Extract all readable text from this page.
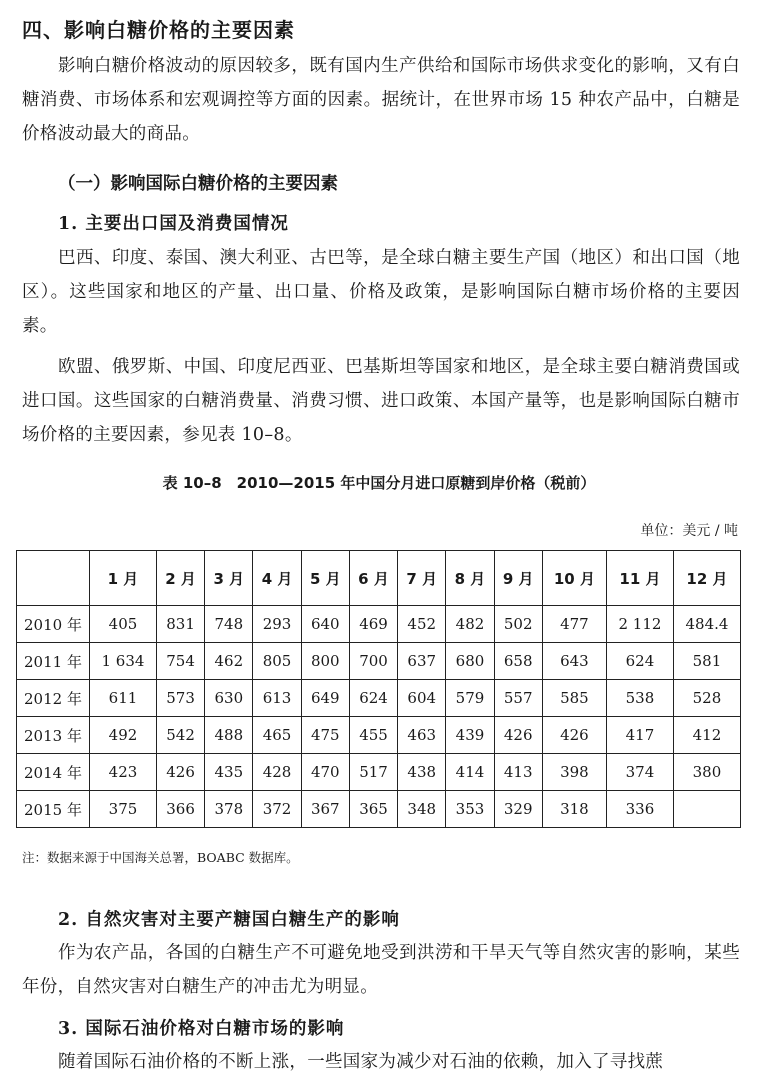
四、影响白糖价格的主要因素

影响白糖价格波动的原因较多，既有国内生产供给和国际市场供求变化的影响，又有白糖消费、市场体系和宏观调控等方面的因素。据统计，在世界市场 15 种农产品中，白糖是价格波动最大的商品。

（一）影响国际白糖价格的主要因素
1. 主要出口国及消费国情况

巴西、印度、泰国、澳大利亚、古巴等，是全球白糖主要生产国（地区）和出口国（地区）。这些国家和地区的产量、出口量、价格及政策，是影响国际白糖市场价格的主要因素。

欧盟、俄罗斯、中国、印度尼西亚、巴基斯坦等国家和地区，是全球主要白糖消费国或进口国。这些国家的白糖消费量、消费习惯、进口政策、本国产量等，也是影响国际白糖市场价格的主要因素，参见表 10–8。

表 10–8　2010—2015 年中国分月进口原糖到岸价格（税前）

单位：美元 / 吨
	1 月	2 月	3 月	4 月	5 月	6 月	7 月	8 月	9 月	10 月	11 月	12 月
2010 年	405	831	748	293	640	469	452	482	502	477	2 112	484.4
2011 年	1 634	754	462	805	800	700	637	680	658	643	624	581
2012 年	611	573	630	613	649	624	604	579	557	585	538	528
2013 年	492	542	488	465	475	455	463	439	426	426	417	412
2014 年	423	426	435	428	470	517	438	414	413	398	374	380
2015 年	375	366	378	372	367	365	348	353	329	318	336	

注：数据来源于中国海关总署，BOABC 数据库。

2. 自然灾害对主要产糖国白糖生产的影响

作为农产品，各国的白糖生产不可避免地受到洪涝和干旱天气等自然灾害的影响，某些年份，自然灾害对白糖生产的冲击尤为明显。

3. 国际石油价格对白糖市场的影响

随着国际石油价格的不断上涨，一些国家为减少对石油的依赖，加入了寻找蔗
